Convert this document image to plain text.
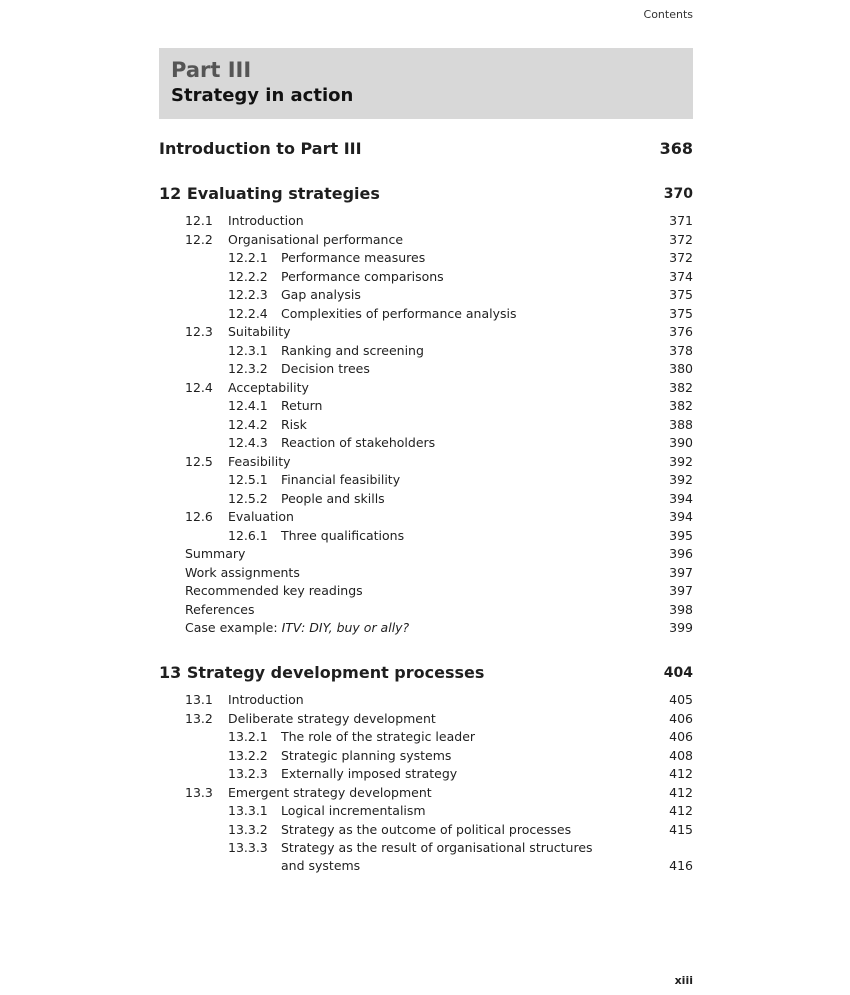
Contents
Part III
Strategy in action
Introduction to Part III	368
12 Evaluating strategies	370
12.1 Introduction	371
12.2 Organisational performance	372
12.2.1 Performance measures	372
12.2.2 Performance comparisons	374
12.2.3 Gap analysis	375
12.2.4 Complexities of performance analysis	375
12.3 Suitability	376
12.3.1 Ranking and screening	378
12.3.2 Decision trees	380
12.4 Acceptability	382
12.4.1 Return	382
12.4.2 Risk	388
12.4.3 Reaction of stakeholders	390
12.5 Feasibility	392
12.5.1 Financial feasibility	392
12.5.2 People and skills	394
12.6 Evaluation	394
12.6.1 Three qualifications	395
Summary	396
Work assignments	397
Recommended key readings	397
References	398
Case example: ITV: DIY, buy or ally?	399
13 Strategy development processes	404
13.1 Introduction	405
13.2 Deliberate strategy development	406
13.2.1 The role of the strategic leader	406
13.2.2 Strategic planning systems	408
13.2.3 Externally imposed strategy	412
13.3 Emergent strategy development	412
13.3.1 Logical incrementalism	412
13.3.2 Strategy as the outcome of political processes	415
13.3.3 Strategy as the result of organisational structures
and systems	416
xiii
